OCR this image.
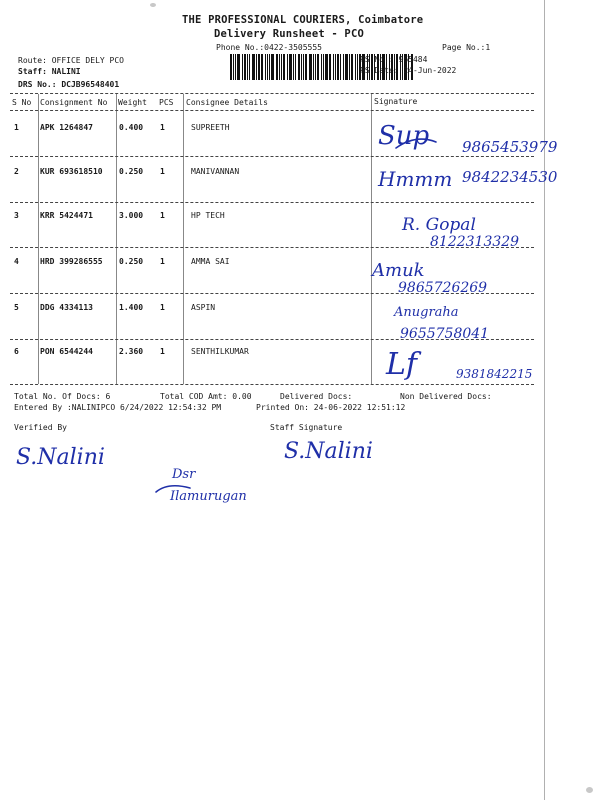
THE PROFESSIONAL COURIERS, Coimbatore
Delivery Runsheet - PCO
Phone No.:0422-3505555	Page No.:1
Route: OFFICE DELY PCO
Staff: NALINI
DRS No.: DCJB96548401
RS No.: 965484
RS Date: 24-Jun-2022
S No Consignment No Weight PCS Consignee Details	Signature
1	APK 1264847	0.400 1	SUPREETH	Sup 9865453979
2	KUR 693618510 0.250 1	MANIVANNAN	Hmmm 9842234530
3	KRR 5424471	3.000 1	HP TECH	R. Gopal
8122313329
4	HRD 399286555 0.250 1	AMMA SAI	Amuk
9865726269
5	DDG 4334113	1.400 1	ASPIN	Anugraha
9655758041
6	PON 6544244	2.360 1	SENTHILKUMAR	Lf	9381842215
Total No. Of Docs: 6	Total COD Amt: 0.00	Delivered Docs:	Non Delivered Docs:
Entered By :NALINIPCO 6/24/2022 12:54:32 PM	Printed On: 24-06-2022 12:51:12
Verified By	Staff Signature
S.Nalini	S.Nalini
Dsr
Ilamurugan
